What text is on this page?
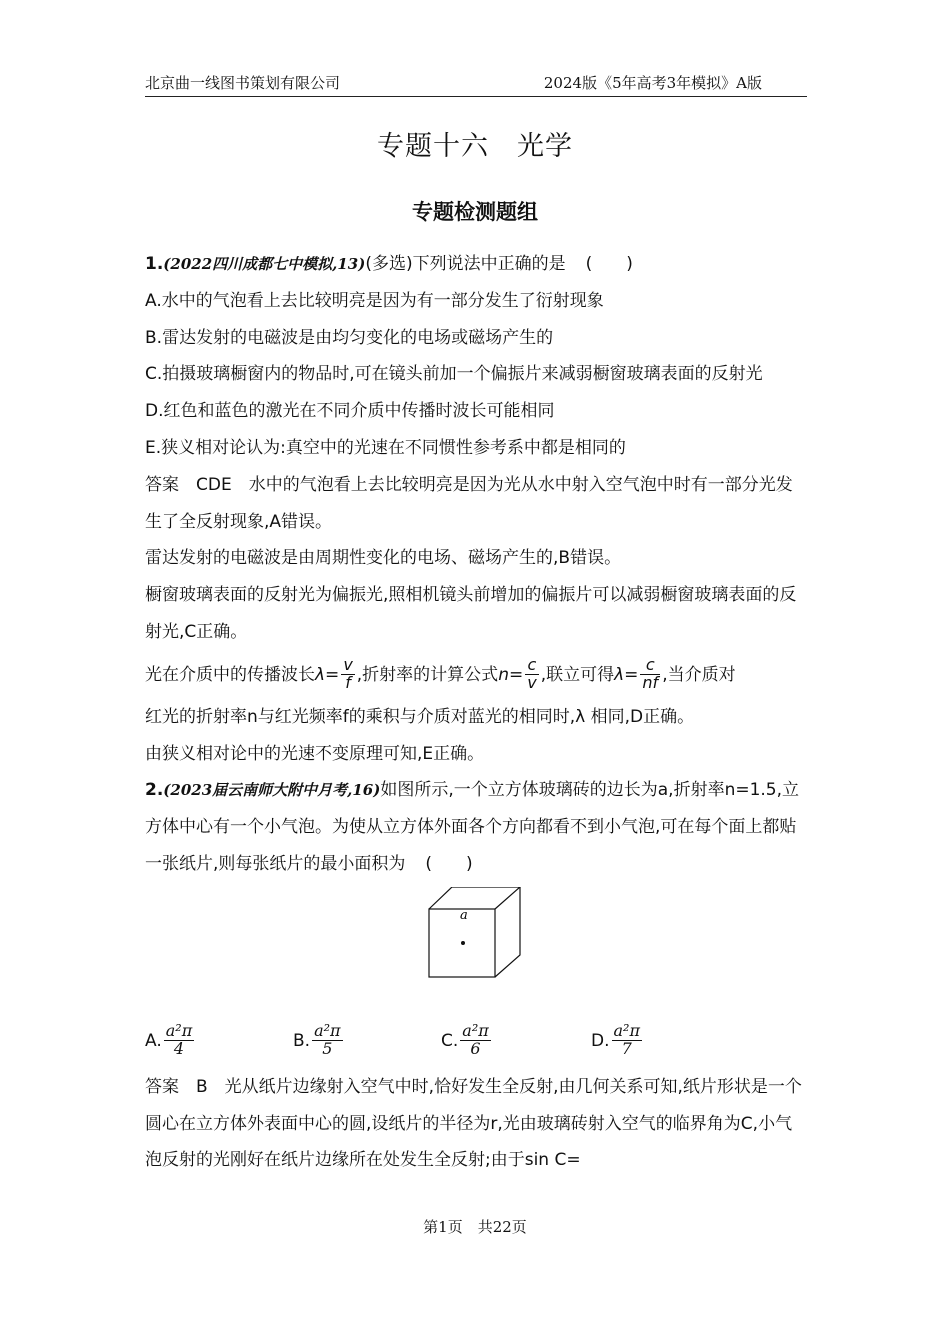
北京曲一线图书策划有限公司	2024版《5年高考3年模拟》A版
专题十六　光学
专题检测题组

1.(2022四川成都七中模拟,13)(多选)下列说法中正确的是 (　　)

A.水中的气泡看上去比较明亮是因为有一部分发生了衍射现象

B.雷达发射的电磁波是由均匀变化的电场或磁场产生的

C.拍摄玻璃橱窗内的物品时,可在镜头前加一个偏振片来减弱橱窗玻璃表面的反射光

D.红色和蓝色的激光在不同介质中传播时波长可能相同

E.狭义相对论认为:真空中的光速在不同惯性参考系中都是相同的

答案　CDE　水中的气泡看上去比较明亮是因为光从水中射入空气泡中时有一部分光发生了全反射现象,A错误。

雷达发射的电磁波是由周期性变化的电场、磁场产生的,B错误。

橱窗玻璃表面的反射光为偏振光,照相机镜头前增加的偏振片可以减弱橱窗玻璃表面的反射光,C正确。

光在介质中的传播波长$\lambda= \frac{v}{f}$ ,折射率的计算公式$n= \frac{c}{v}$ ,联立可得$\lambda= \frac{c}{nf}$ ,当介质对

红光的折射率n与红光频率f的乘积与介质对蓝光的相同时,λ 相同,D正确。

由狭义相对论中的光速不变原理可知,E正确。

2.(2023届云南师大附中月考,16)如图所示,一个立方体玻璃砖的边长为a,折射率n=1.5,立方体中心有一个小气泡。为使从立方体外面各个方向都看不到小气泡,可在每个面上都贴一张纸片,则每张纸片的最小面积为 (　　)

a
A. $\frac{\text{a²π}}{4}$	B. $\frac{\text{a²π}}{5}$	C. $\frac{\text{a²π}}{6}$	D. $\frac{\text{a²π}}{7}$

答案　B　光从纸片边缘射入空气中时,恰好发生全反射,由几何关系可知,纸片形状是一个圆心在立方体外表面中心的圆,设纸片的半径为r,光由玻璃砖射入空气的临界角为C,小气泡反射的光刚好在纸片边缘所在处发生全反射;由于sin C=

第1页　共22页
